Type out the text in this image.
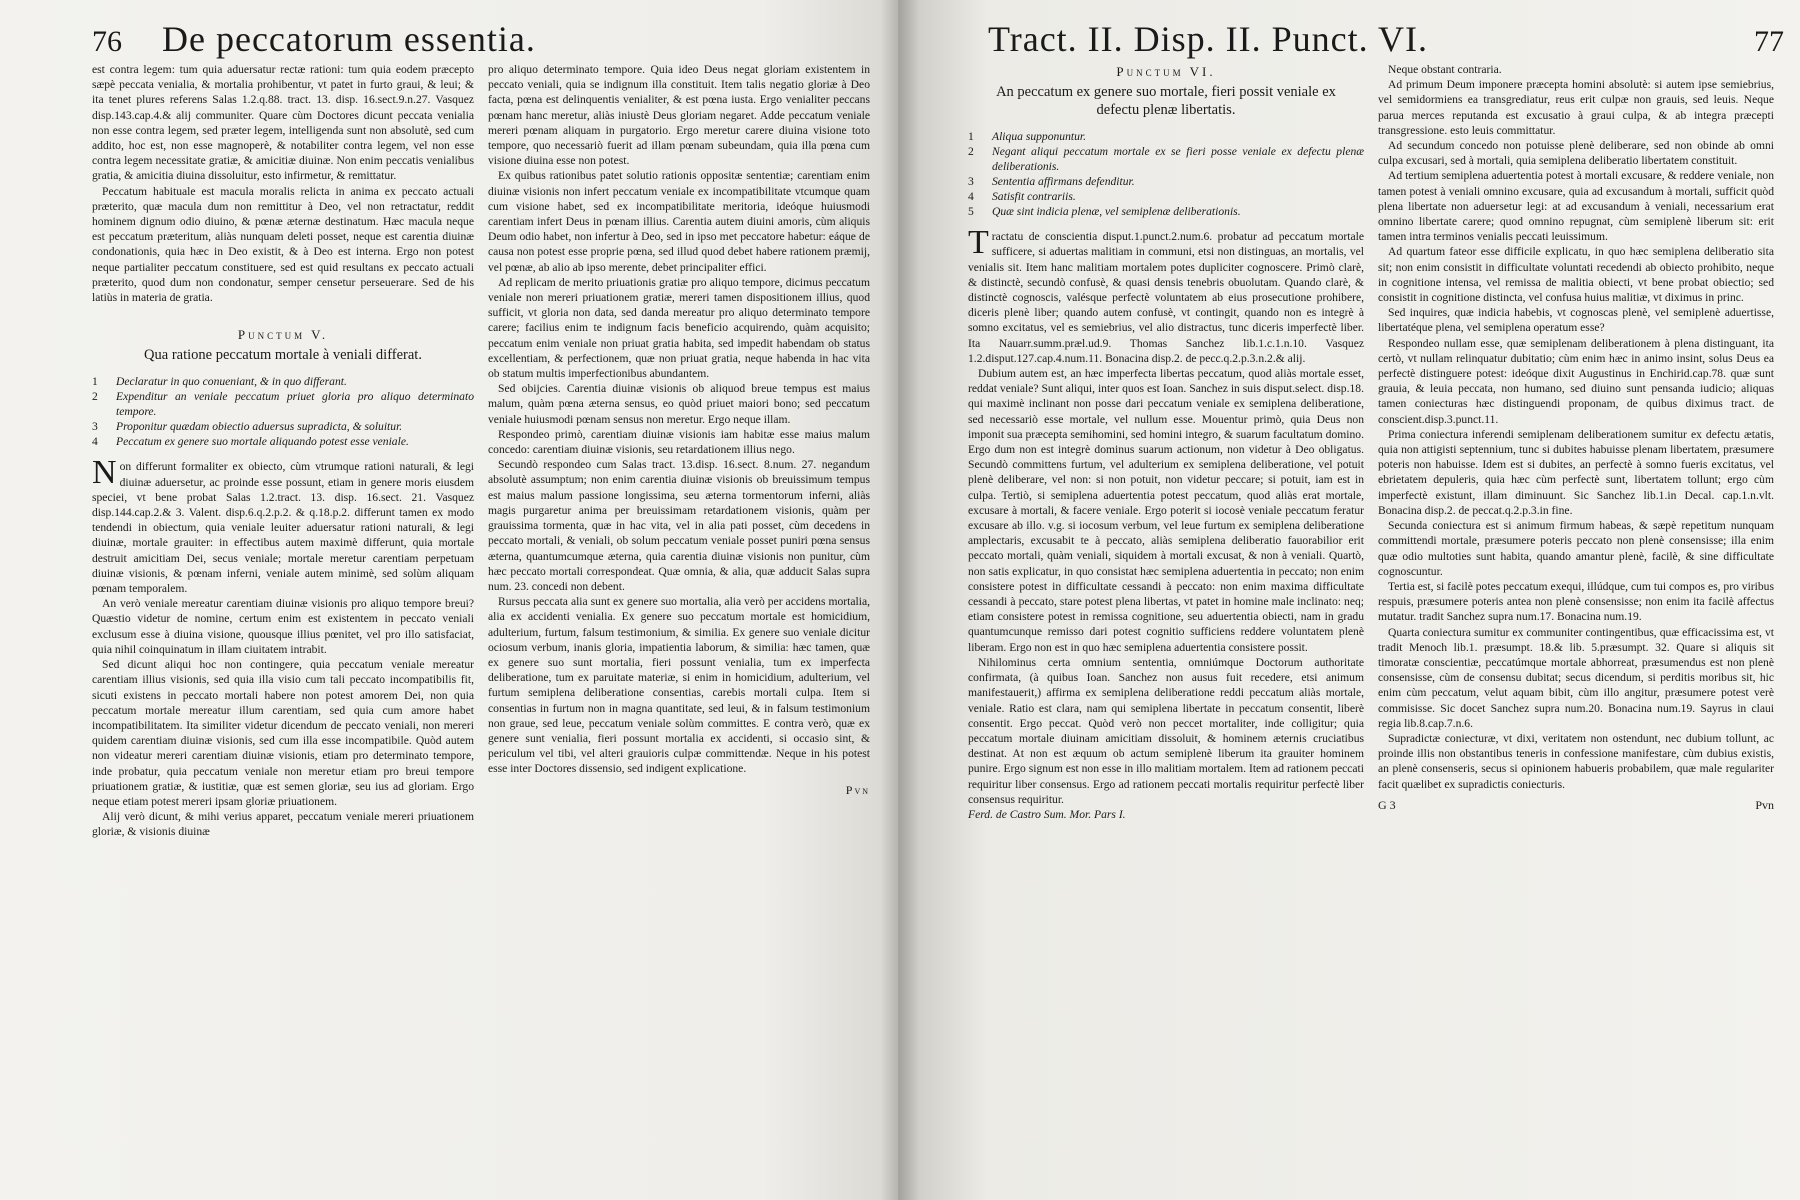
76 De peccatorum essentia.

est contra legem: tum quia aduersatur rectæ rationi: tum quia eodem præcepto sæpè peccata venialia, & mortalia prohibentur, vt patet in furto graui, & leui; & ita tenet plures referens Salas 1.2.q.88. tract. 13. disp. 16.sect.9.n.27. Vasquez disp.143.cap.4.& alij communiter. Quare cùm Doctores dicunt peccata venialia non esse contra legem, sed præter legem, intelligenda sunt non absolutè, sed cum addito, hoc est, non esse magnoperè, & notabiliter contra legem, vel non esse contra legem necessitate gratiæ, & amicitiæ diuinæ. Non enim peccatis venialibus gratia, & amicitia diuina dissoluitur, esto infirmetur, & remittatur.

Peccatum habituale est macula moralis relicta in anima ex peccato actuali præterito, quæ macula dum non remittitur à Deo, vel non retractatur, reddit hominem dignum odio diuino, & pœnæ æternæ destinatum. Hæc macula neque est peccatum præteritum, aliàs nunquam deleti posset, neque est carentia diuinæ condonationis, quia hæc in Deo existit, & à Deo est interna. Ergo non potest neque partialiter peccatum constituere, sed est quid resultans ex peccato actuali præterito, quod dum non condonatur, semper censetur perseuerare. Sed de his latiùs in materia de gratia.

Punctum V.
Qua ratione peccatum mortale à veniali differat.
1	Declaratur in quo conueniant, & in quo differant.
2	Expenditur an veniale peccatum priuet gloria pro aliquo determinato tempore.
3	Proponitur quædam obiectio aduersus supradicta, & soluitur.
4	Peccatum ex genere suo mortale aliquando potest esse veniale.

Non differunt formaliter ex obiecto, cùm vtrumque rationi naturali, & legi diuinæ aduersetur, ac proinde esse possunt, etiam in genere moris eiusdem speciei, vt bene probat Salas 1.2.tract. 13. disp. 16.sect. 21. Vasquez disp.144.cap.2.& 3. Valent. disp.6.q.2.p.2. & q.18.p.2. differunt tamen ex modo tendendi in obiectum, quia veniale leuiter aduersatur rationi naturali, & legi diuinæ, mortale grauiter: in effectibus autem maximè differunt, quia mortale destruit amicitiam Dei, secus veniale; mortale meretur carentiam perpetuam diuinæ visionis, & pœnam inferni, veniale autem minimè, sed solùm aliquam pœnam temporalem.

An verò veniale mereatur carentiam diuinæ visionis pro aliquo tempore breui? Quæstio videtur de nomine, certum enim est existentem in peccato veniali exclusum esse à diuina visione, quousque illius pœnitet, vel pro illo satisfaciat, quia nihil coinquinatum in illam ciuitatem intrabit.

Sed dicunt aliqui hoc non contingere, quia peccatum veniale mereatur carentiam illius visionis, sed quia illa visio cum tali peccato incompatibilis fit, sicuti existens in peccato mortali habere non potest amorem Dei, non quia peccatum mortale mereatur illum carentiam, sed quia cum amore habet incompatibilitatem. Ita similiter videtur dicendum de peccato veniali, non mereri quidem carentiam diuinæ visionis, sed cum illa esse incompatibile. Quòd autem non videatur mereri carentiam diuinæ visionis, etiam pro determinato tempore, inde probatur, quia peccatum veniale non meretur etiam pro breui tempore priuationem gratiæ, & iustitiæ, quæ est semen gloriæ, seu ius ad gloriam. Ergo neque etiam potest mereri ipsam gloriæ priuationem.

Alij verò dicunt, & mihi verius apparet, peccatum veniale mereri priuationem gloriæ, & visionis diuinæ

pro aliquo determinato tempore. Quia ideo Deus negat gloriam existentem in peccato veniali, quia se indignum illa constituit. Item talis negatio gloriæ à Deo facta, pœna est delinquentis venialiter, & est pœna iusta. Ergo venialiter peccans pœnam hanc meretur, aliàs iniustè Deus gloriam negaret. Adde peccatum veniale mereri pœnam aliquam in purgatorio. Ergo meretur carere diuina visione toto tempore, quo necessariò fuerit ad illam pœnam subeundam, quia illa pœna cum visione diuina esse non potest.

Ex quibus rationibus patet solutio rationis oppositæ sententiæ; carentiam enim diuinæ visionis non infert peccatum veniale ex incompatibilitate vtcumque quam cum visione habet, sed ex incompatibilitate meritoria, ideóque huiusmodi carentiam infert Deus in pœnam illius. Carentia autem diuini amoris, cùm aliquis Deum odio habet, non infertur à Deo, sed in ipso met peccatore habetur: eáque de causa non potest esse proprie pœna, sed illud quod debet habere rationem præmij, vel pœnæ, ab alio ab ipso merente, debet principaliter effici.

Ad replicam de merito priuationis gratiæ pro aliquo tempore, dicimus peccatum veniale non mereri priuationem gratiæ, mereri tamen dispositionem illius, quod sufficit, vt gloria non data, sed danda mereatur pro aliquo determinato tempore carere; facilius enim te indignum facis beneficio acquirendo, quàm acquisito; peccatum enim veniale non priuat gratia habita, sed impedit habendam ob status excellentiam, & perfectionem, quæ non priuat gratia, neque habenda in hac vita ob statum multis imperfectionibus abundantem.

Sed obijcies. Carentia diuinæ visionis ob aliquod breue tempus est maius malum, quàm pœna æterna sensus, eo quòd priuet maiori bono; sed peccatum veniale huiusmodi pœnam sensus non meretur. Ergo neque illam.

Respondeo primò, carentiam diuinæ visionis iam habitæ esse maius malum concedo: carentiam diuinæ visionis, seu retardationem illius nego.

Secundò respondeo cum Salas tract. 13.disp. 16.sect. 8.num. 27. negandum absolutè assumptum; non enim carentia diuinæ visionis ob breuissimum tempus est maius malum passione longissima, seu æterna tormentorum inferni, aliàs magis purgaretur anima per breuissimam retardationem visionis, quàm per grauissima tormenta, quæ in hac vita, vel in alia pati posset, cùm decedens in peccato mortali, & veniali, ob solum peccatum veniale posset puniri pœna sensus æterna, quantumcumque æterna, quia carentia diuinæ visionis non punitur, cùm hæc peccato mortali correspondeat. Quæ omnia, & alia, quæ adducit Salas supra num. 23. concedi non debent.

Rursus peccata alia sunt ex genere suo mortalia, alia verò per accidens mortalia, alia ex accidenti venialia. Ex genere suo peccatum mortale est homicidium, adulterium, furtum, falsum testimonium, & similia. Ex genere suo veniale dicitur ociosum verbum, inanis gloria, impatientia laborum, & similia: hæc tamen, quæ ex genere suo sunt mortalia, fieri possunt venialia, tum ex imperfecta deliberatione, tum ex paruitate materiæ, si enim in homicidium, adulterium, vel furtum semiplena deliberatione consentias, carebis mortali culpa. Item si consentias in furtum non in magna quantitate, sed leui, & in falsum testimonium non graue, sed leue, peccatum veniale solùm committes. E contra verò, quæ ex genere sunt venialia, fieri possunt mortalia ex accidenti, si occasio sint, & periculum vel tibi, vel alteri grauioris culpæ committendæ. Neque in his potest esse inter Doctores dissensio, sed indigent explicatione.

Pvn
Tract. II. Disp. II. Punct. VI.	77
Punctum VI.
An peccatum ex genere suo mortale, fieri possit veniale ex defectu plenæ libertatis.
1	Aliqua supponuntur.
2	Negant aliqui peccatum mortale ex se fieri posse veniale ex defectu plenæ deliberationis.
3	Sententia affirmans defenditur.
4	Satisfit contrariis.
5	Quæ sint indicia plenæ, vel semiplenæ deliberationis.

Tractatu de conscientia disput.1.punct.2.num.6. probatur ad peccatum mortale sufficere, si aduertas malitiam in communi, etsi non distinguas, an mortalis, vel venialis sit. Item hanc malitiam mortalem potes dupliciter cognoscere. Primò clarè, & distinctè, secundò confusè, & quasi densis tenebris obuolutam. Quando clarè, & distinctè cognoscis, valésque perfectè voluntatem ab eius prosecutione prohibere, diceris plenè liber; quando autem confusè, vt contingit, quando non es integrè à somno excitatus, vel es semiebrius, vel alio distractus, tunc diceris imperfectè liber. Ita Nauarr.summ.præl.ud.9. Thomas Sanchez lib.1.c.1.n.10. Vasquez 1.2.disput.127.cap.4.num.11. Bonacina disp.2. de pecc.q.2.p.3.n.2.& alij.

Dubium autem est, an hæc imperfecta libertas peccatum, quod aliàs mortale esset, reddat veniale? Sunt aliqui, inter quos est Ioan. Sanchez in suis disput.select. disp.18. qui maximè inclinant non posse dari peccatum veniale ex semiplena deliberatione, sed necessariò esse mortale, vel nullum esse. Mouentur primò, quia Deus non imponit sua præcepta semihomini, sed homini integro, & suarum facultatum domino. Ergo dum non est integrè dominus suarum actionum, non videtur à Deo obligatus. Secundò committens furtum, vel adulterium ex semiplena deliberatione, vel potuit plenè deliberare, vel non: si non potuit, non videtur peccare; si potuit, iam est in culpa. Tertiò, si semiplena aduertentia potest peccatum, quod aliàs erat mortale, excusare à mortali, & facere veniale. Ergo poterit si iocosè veniale peccatum feratur excusare ab illo. v.g. si iocosum verbum, vel leue furtum ex semiplena deliberatione amplectaris, excusabit te à peccato, aliàs semiplena deliberatio fauorabilior erit peccato mortali, quàm veniali, siquidem à mortali excusat, & non à veniali. Quartò, non satis explicatur, in quo consistat hæc semiplena aduertentia in peccato; non enim consistere potest in difficultate cessandi à peccato: non enim maxima difficultate cessandi à peccato, stare potest plena libertas, vt patet in homine male inclinato: neq; etiam consistere potest in remissa cognitione, seu aduertentia obiecti, nam in gradu quantumcunque remisso dari potest cognitio sufficiens reddere voluntatem plenè liberam. Ergo non est in quo hæc semiplena aduertentia consistere possit.

Nihilominus certa omnium sententia, omniúmque Doctorum authoritate confirmata, (à quibus Ioan. Sanchez non ausus fuit recedere, etsi animum manifestauerit,) affirma ex semiplena deliberatione reddi peccatum aliàs mortale, veniale. Ratio est clara, nam qui semiplena libertate in peccatum consentit, liberè consentit. Ergo peccat. Quòd verò non peccet mortaliter, inde colligitur; quia peccatum mortale diuinam amicitiam dissoluit, & hominem æternis cruciatibus destinat. At non est æquum ob actum semiplenè liberum ita grauiter hominem punire. Ergo signum est non esse in illo malitiam mortalem. Item ad rationem peccati requiritur liber consensus. Ergo ad rationem peccati mortalis requiritur perfectè liber consensus requiritur.

Ferd. de Castro Sum. Mor. Pars I.

Neque obstant contraria.

Ad primum Deum imponere præcepta homini absolutè: si autem ipse semiebrius, vel semidormiens ea transgrediatur, reus erit culpæ non grauis, sed leuis. Neque parua merces reputanda est excusatio à graui culpa, & ab integra præcepti transgressione. esto leuis committatur.

Ad secundum concedo non potuisse plenè deliberare, sed non obinde ab omni culpa excusari, sed à mortali, quia semiplena deliberatio libertatem constituit.

Ad tertium semiplena aduertentia potest à mortali excusare, & reddere veniale, non tamen potest à veniali omnino excusare, quia ad excusandum à mortali, sufficit quòd plena libertate non aduersetur legi: at ad excusandum à veniali, necessarium erat omnino libertate carere; quod omnino repugnat, cùm semiplenè liberum sit: erit tamen intra terminos venialis peccati leuissimum.

Ad quartum fateor esse difficile explicatu, in quo hæc semiplena deliberatio sita sit; non enim consistit in difficultate voluntati recedendi ab obiecto prohibito, neque in cognitione intensa, vel remissa de malitia obiecti, vt bene probat obiectio; sed consistit in cognitione distincta, vel confusa huius malitiæ, vt diximus in princ.

Sed inquires, quæ indicia habebis, vt cognoscas plenè, vel semiplenè aduertisse, libertatéque plena, vel semiplena operatum esse?

Respondeo nullam esse, quæ semiplenam deliberationem à plena distinguant, ita certò, vt nullam relinquatur dubitatio; cùm enim hæc in animo insint, solus Deus ea perfectè distinguere potest: ideóque dixit Augustinus in Enchirid.cap.78. quæ sunt grauia, & leuia peccata, non humano, sed diuino sunt pensanda iudicio; aliquas tamen coniecturas hæc distinguendi proponam, de quibus diximus tract. de conscient.disp.3.punct.11.

Prima coniectura inferendi semiplenam deliberationem sumitur ex defectu ætatis, quia non attigisti septennium, tunc si dubites habuisse plenam libertatem, præsumere poteris non habuisse. Idem est si dubites, an perfectè à somno fueris excitatus, vel ebrietatem depuleris, quia hæc cùm perfectè sunt, libertatem tollunt; ergo cùm imperfectè existunt, illam diminuunt. Sic Sanchez lib.1.in Decal. cap.1.n.vlt. Bonacina disp.2. de peccat.q.2.p.3.in fine.

Secunda coniectura est si animum firmum habeas, & sæpè repetitum nunquam committendi mortale, præsumere poteris peccato non plenè consensisse; illa enim quæ odio multoties sunt habita, quando amantur plenè, facilè, & sine difficultate cognoscuntur.

Tertia est, si facilè potes peccatum exequi, illúdque, cum tui compos es, pro viribus respuis, præsumere poteris antea non plenè consensisse; non enim ita facilè affectus mutatur. tradit Sanchez supra num.17. Bonacina num.19.

Quarta coniectura sumitur ex communiter contingentibus, quæ efficacissima est, vt tradit Menoch lib.1. præsumpt. 18.& lib. 5.præsumpt. 32. Quare si aliquis sit timoratæ conscientiæ, peccatúmque mortale abhorreat, præsumendus est non plenè consensisse, cùm de consensu dubitat; secus dicendum, si perditis moribus sit, hic enim cùm peccatum, velut aquam bibit, cùm illo angitur, præsumere potest verè commisisse. Sic docet Sanchez supra num.20. Bonacina num.19. Sayrus in claui regia lib.8.cap.7.n.6.

Supradictæ coniecturæ, vt dixi, veritatem non ostendunt, nec dubium tollunt, ac proinde illis non obstantibus teneris in confessione manifestare, cùm dubius existis, an plenè consenseris, secus si opinionem habueris probabilem, quæ male regulariter facit quælibet ex supradictis coniecturis.

G 3	Pvn
